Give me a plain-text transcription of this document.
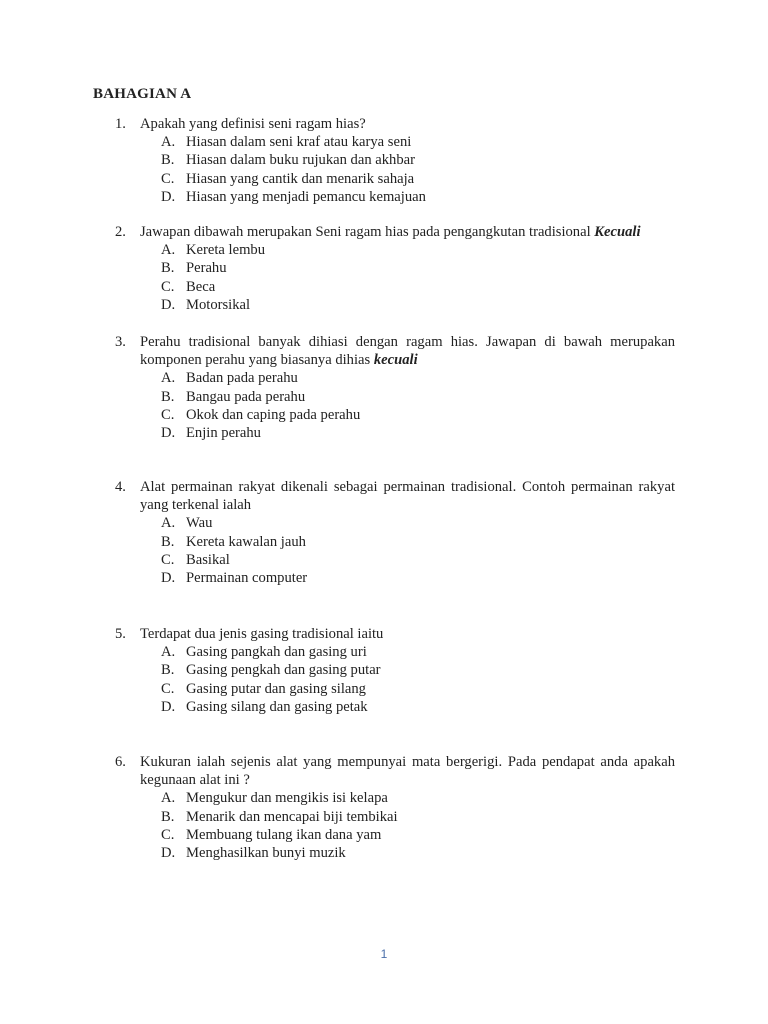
BAHAGIAN A
1. Apakah yang definisi seni ragam hias?
A. Hiasan dalam seni kraf atau karya seni
B. Hiasan dalam buku rujukan dan akhbar
C. Hiasan yang cantik dan menarik sahaja
D. Hiasan yang menjadi pemancu kemajuan
2. Jawapan dibawah merupakan Seni ragam hias pada pengangkutan tradisional Kecuali
A. Kereta lembu
B. Perahu
C. Beca
D. Motorsikal
3. Perahu tradisional banyak dihiasi dengan ragam hias. Jawapan di bawah merupakan komponen perahu yang biasanya dihias kecuali
A. Badan pada perahu
B. Bangau pada perahu
C. Okok dan caping pada perahu
D. Enjin perahu
4. Alat permainan rakyat dikenali sebagai permainan tradisional. Contoh permainan rakyat yang terkenal ialah
A. Wau
B. Kereta kawalan jauh
C. Basikal
D. Permainan computer
5. Terdapat dua jenis gasing tradisional iaitu
A. Gasing pangkah dan gasing uri
B. Gasing pengkah dan gasing putar
C. Gasing putar dan gasing silang
D. Gasing silang dan gasing petak
6. Kukuran ialah sejenis alat yang mempunyai mata bergerigi. Pada pendapat anda apakah kegunaan alat ini ?
A. Mengukur dan mengikis isi kelapa
B. Menarik dan mencapai biji tembikai
C. Membuang tulang ikan dana yam
D. Menghasilkan bunyi muzik
1
